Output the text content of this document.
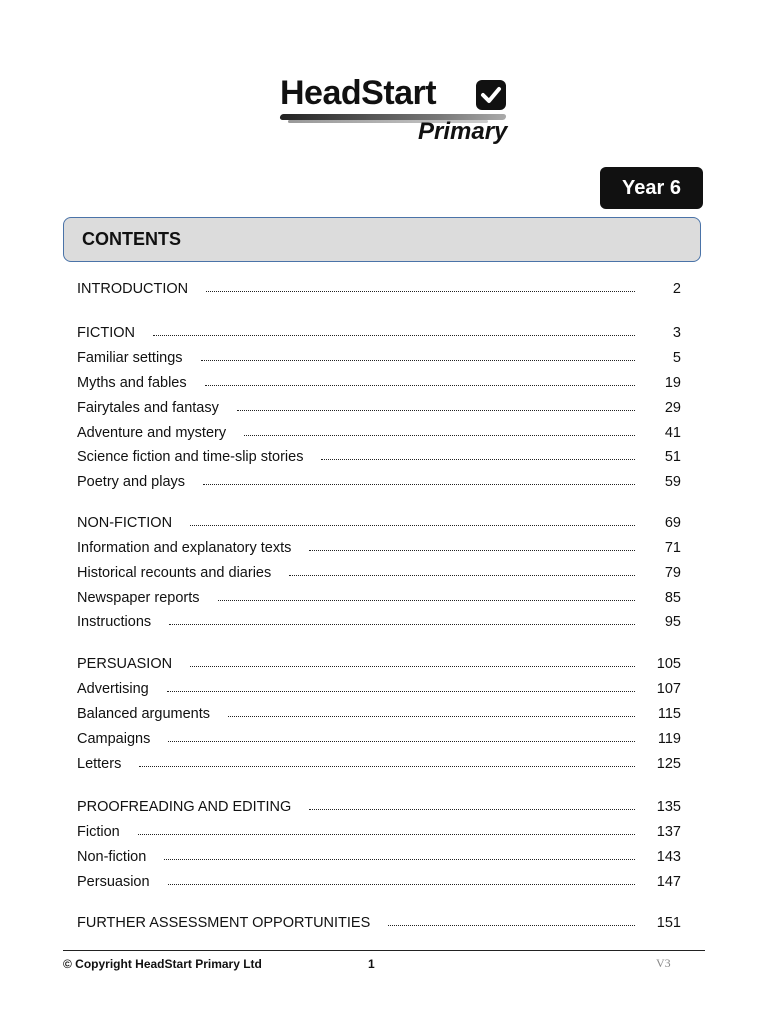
HeadStart
Primary
Year 6
CONTENTS
INTRODUCTION	2
FICTION	3
Familiar settings	5
Myths and fables	19
Fairytales and fantasy	29
Adventure and mystery	41
Science fiction and time-slip stories	51
Poetry and plays	59
NON-FICTION	69
Information and explanatory texts	71
Historical recounts and diaries	79
Newspaper reports	85
Instructions	95
PERSUASION	105
Advertising	107
Balanced arguments	115
Campaigns	119
Letters	125
PROOFREADING AND EDITING	135
Fiction	137
Non-fiction	143
Persuasion	147
FURTHER ASSESSMENT OPPORTUNITIES	151
© Copyright HeadStart Primary Ltd	1	V3
